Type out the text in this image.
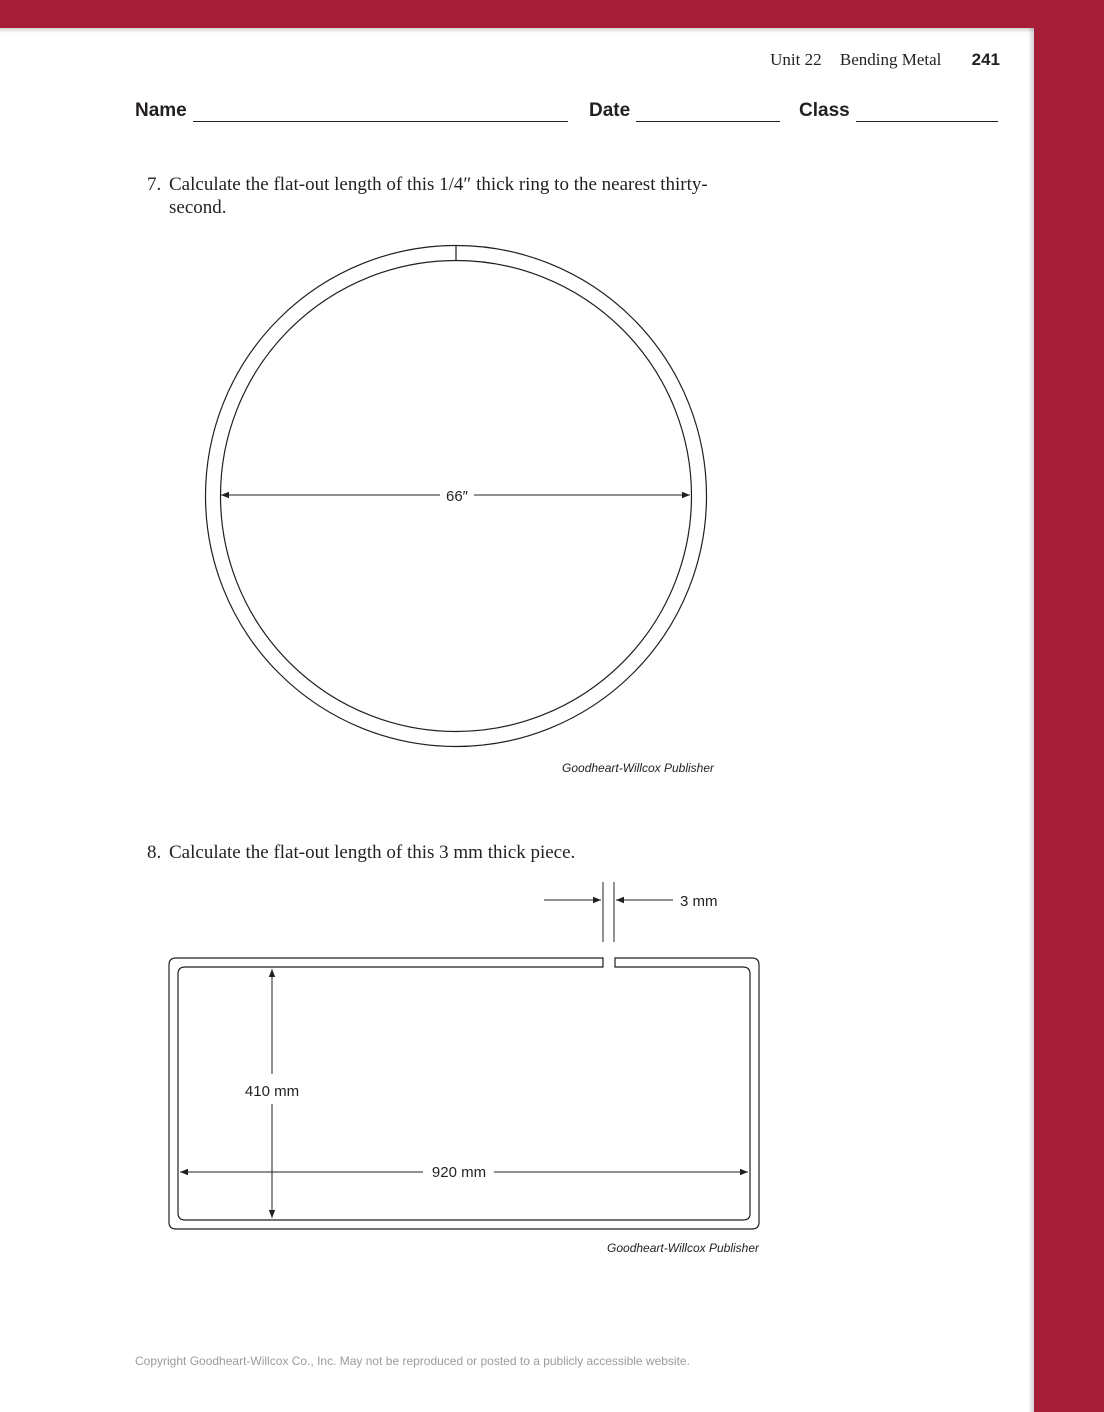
Unit 22 Bending Metal 241
Name	Date	Class
7. Calculate the flat-out length of this 1/4″ thick ring to the nearest thirty-second.
66″
3 mm
410 mm
920 mm
Goodheart-Willcox Publisher
8. Calculate the flat-out length of this 3 mm thick piece.
Goodheart-Willcox Publisher
Copyright Goodheart-Willcox Co., Inc. May not be reproduced or posted to a publicly accessible website.
